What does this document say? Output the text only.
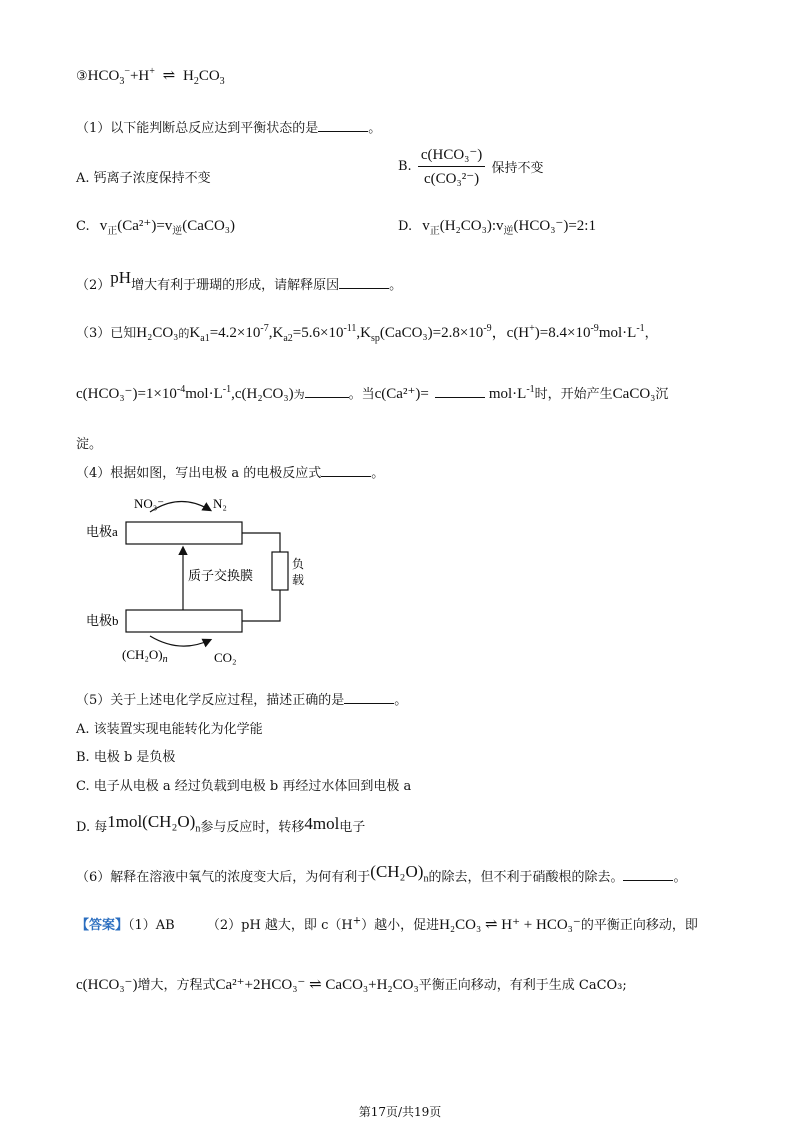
$③HCO_3^-+H^+$ ⇌ $H_2CO_3$
（1）以下能判断总反应达到平衡状态的是	。
A. 钙离子浓度保持不变
B. $\frac{\text{c(HCO₃⁻)}}{\text{c(CO₃²⁻)}}$ 保持不变
C. $v_正(Ca^{2+})=v_逆(CaCO_3)$	D. $v_正(H_2CO_3):v_逆(HCO_3^-)=2:1$
（2）pH增大有利于珊瑚的形成，请解释原因	。
（3）已知H₂CO₃的$K_{a1}=4.2\times 10^{-7},K_{a2}=5.6\times 10^{-11},K_{sp}(CaCO_3)=2.8\times 10^{-9}$，$c(H^+)=8.4\times 10^{-9}mol\cdot L^{-1}$，
$c(HCO_3^-)=1\times 10^{-4}mol\cdot L^{-1},c(H_2CO_3)$为	。当c(Ca²⁺)=	$mol\cdot L^{-1}$时，开始产生CaCO₃沉
淀。
（4）根据如图，写出电极 a 的电极反应式	。
NO₃⁻	N₂
电极a
质子交换膜
电极b
负
载
$(CH_2O)_n$	CO₂
（5）关于上述电化学反应过程，描述正确的是	。
A. 该装置实现电能转化为化学能
B. 电极 b 是负极
C. 电子从电极 a 经过负载到电极 b 再经过水体回到电极 a
D. 每$1mol(CH_2O)_n$参与反应时，转移4mol电子
（6）解释在溶液中氧气的浓度变大后，为何有利于$(CH_2O)_n$的除去，但不利于硝酸根的除去。	。
【答案】（1）AB （2）pH 越大，即 c（H+）越小，促进H₂CO₃ ⇌ H⁺ + HCO₃⁻的平衡正向移动，即
c(HCO₃⁻)增大，方程式Ca²⁺+2HCO₃⁻ ⇌ CaCO₃+H₂CO₃平衡正向移动，有利于生成 CaCO₃;
第17页/共19页
